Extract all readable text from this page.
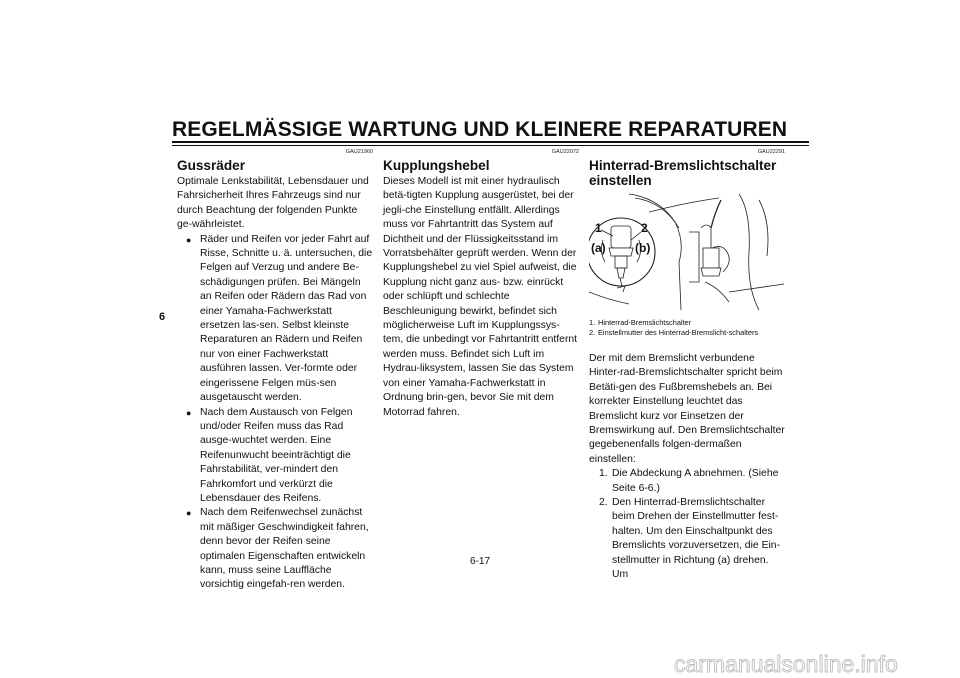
REGELMÄSSIGE WARTUNG UND KLEINERE REPARATUREN
6
GAU21960
Gussräder

Optimale Lenkstabilität, Lebensdauer und Fahrsicherheit Ihres Fahrzeugs sind nur durch Beachtung der folgenden Punkte ge-währleistet.

● Räder und Reifen vor jeder Fahrt auf Risse, Schnitte u. ä. untersuchen, die Felgen auf Verzug und andere Be-schädigungen prüfen. Bei Mängeln an Reifen oder Rädern das Rad von einer Yamaha-Fachwerkstatt ersetzen las-sen. Selbst kleinste Reparaturen an Rädern und Reifen nur von einer Fachwerkstatt ausführen lassen. Ver-formte oder eingerissene Felgen müs-sen ausgetauscht werden.
● Nach dem Austausch von Felgen und/oder Reifen muss das Rad ausge-wuchtet werden. Eine Reifenunwucht beeinträchtigt die Fahrstabilität, ver-mindert den Fahrkomfort und verkürzt die Lebensdauer des Reifens.
● Nach dem Reifenwechsel zunächst mit mäßiger Geschwindigkeit fahren, denn bevor der Reifen seine optimalen Eigenschaften entwickeln kann, muss seine Lauffläche vorsichtig eingefah-ren werden.
GAU22072
Kupplungshebel

Dieses Modell ist mit einer hydraulisch betä-tigten Kupplung ausgerüstet, bei der jegli-che Einstellung entfällt. Allerdings muss vor Fahrtantritt das System auf Dichtheit und der Flüssigkeitsstand im Vorratsbehälter geprüft werden. Wenn der Kupplungshebel zu viel Spiel aufweist, die Kupplung nicht ganz aus- bzw. einrückt oder schlüpft und schlechte Beschleunigung bewirkt, befindet sich möglicherweise Luft im Kupplungssys-tem, die unbedingt vor Fahrtantritt entfernt werden muss. Befindet sich Luft im Hydrau-liksystem, lassen Sie das System von einer Yamaha-Fachwerkstatt in Ordnung brin-gen, bevor Sie mit dem Motorrad fahren.

GAU22291
Hinterrad-Bremslichtschalter einstellen
1	2
(a) (b)
1. Hinterrad-Bremslichtschalter
2. Einstellmutter des Hinterrad-Bremslicht-schalters

Der mit dem Bremslicht verbundene Hinter-rad-Bremslichtschalter spricht beim Betäti-gen des Fußbremshebels an. Bei korrekter Einstellung leuchtet das Bremslicht kurz vor Einsetzen der Bremswirkung auf. Den Bremslichtschalter gegebenenfalls folgen-dermaßen einstellen:

1. Die Abdeckung A abnehmen. (Siehe Seite 6-6.)
2. Den Hinterrad-Bremslichtschalter beim Drehen der Einstellmutter fest-halten. Um den Einschaltpunkt des Bremslichts vorzuversetzen, die Ein-stellmutter in Richtung (a) drehen. Um
6-17
carmanualsonline.info
